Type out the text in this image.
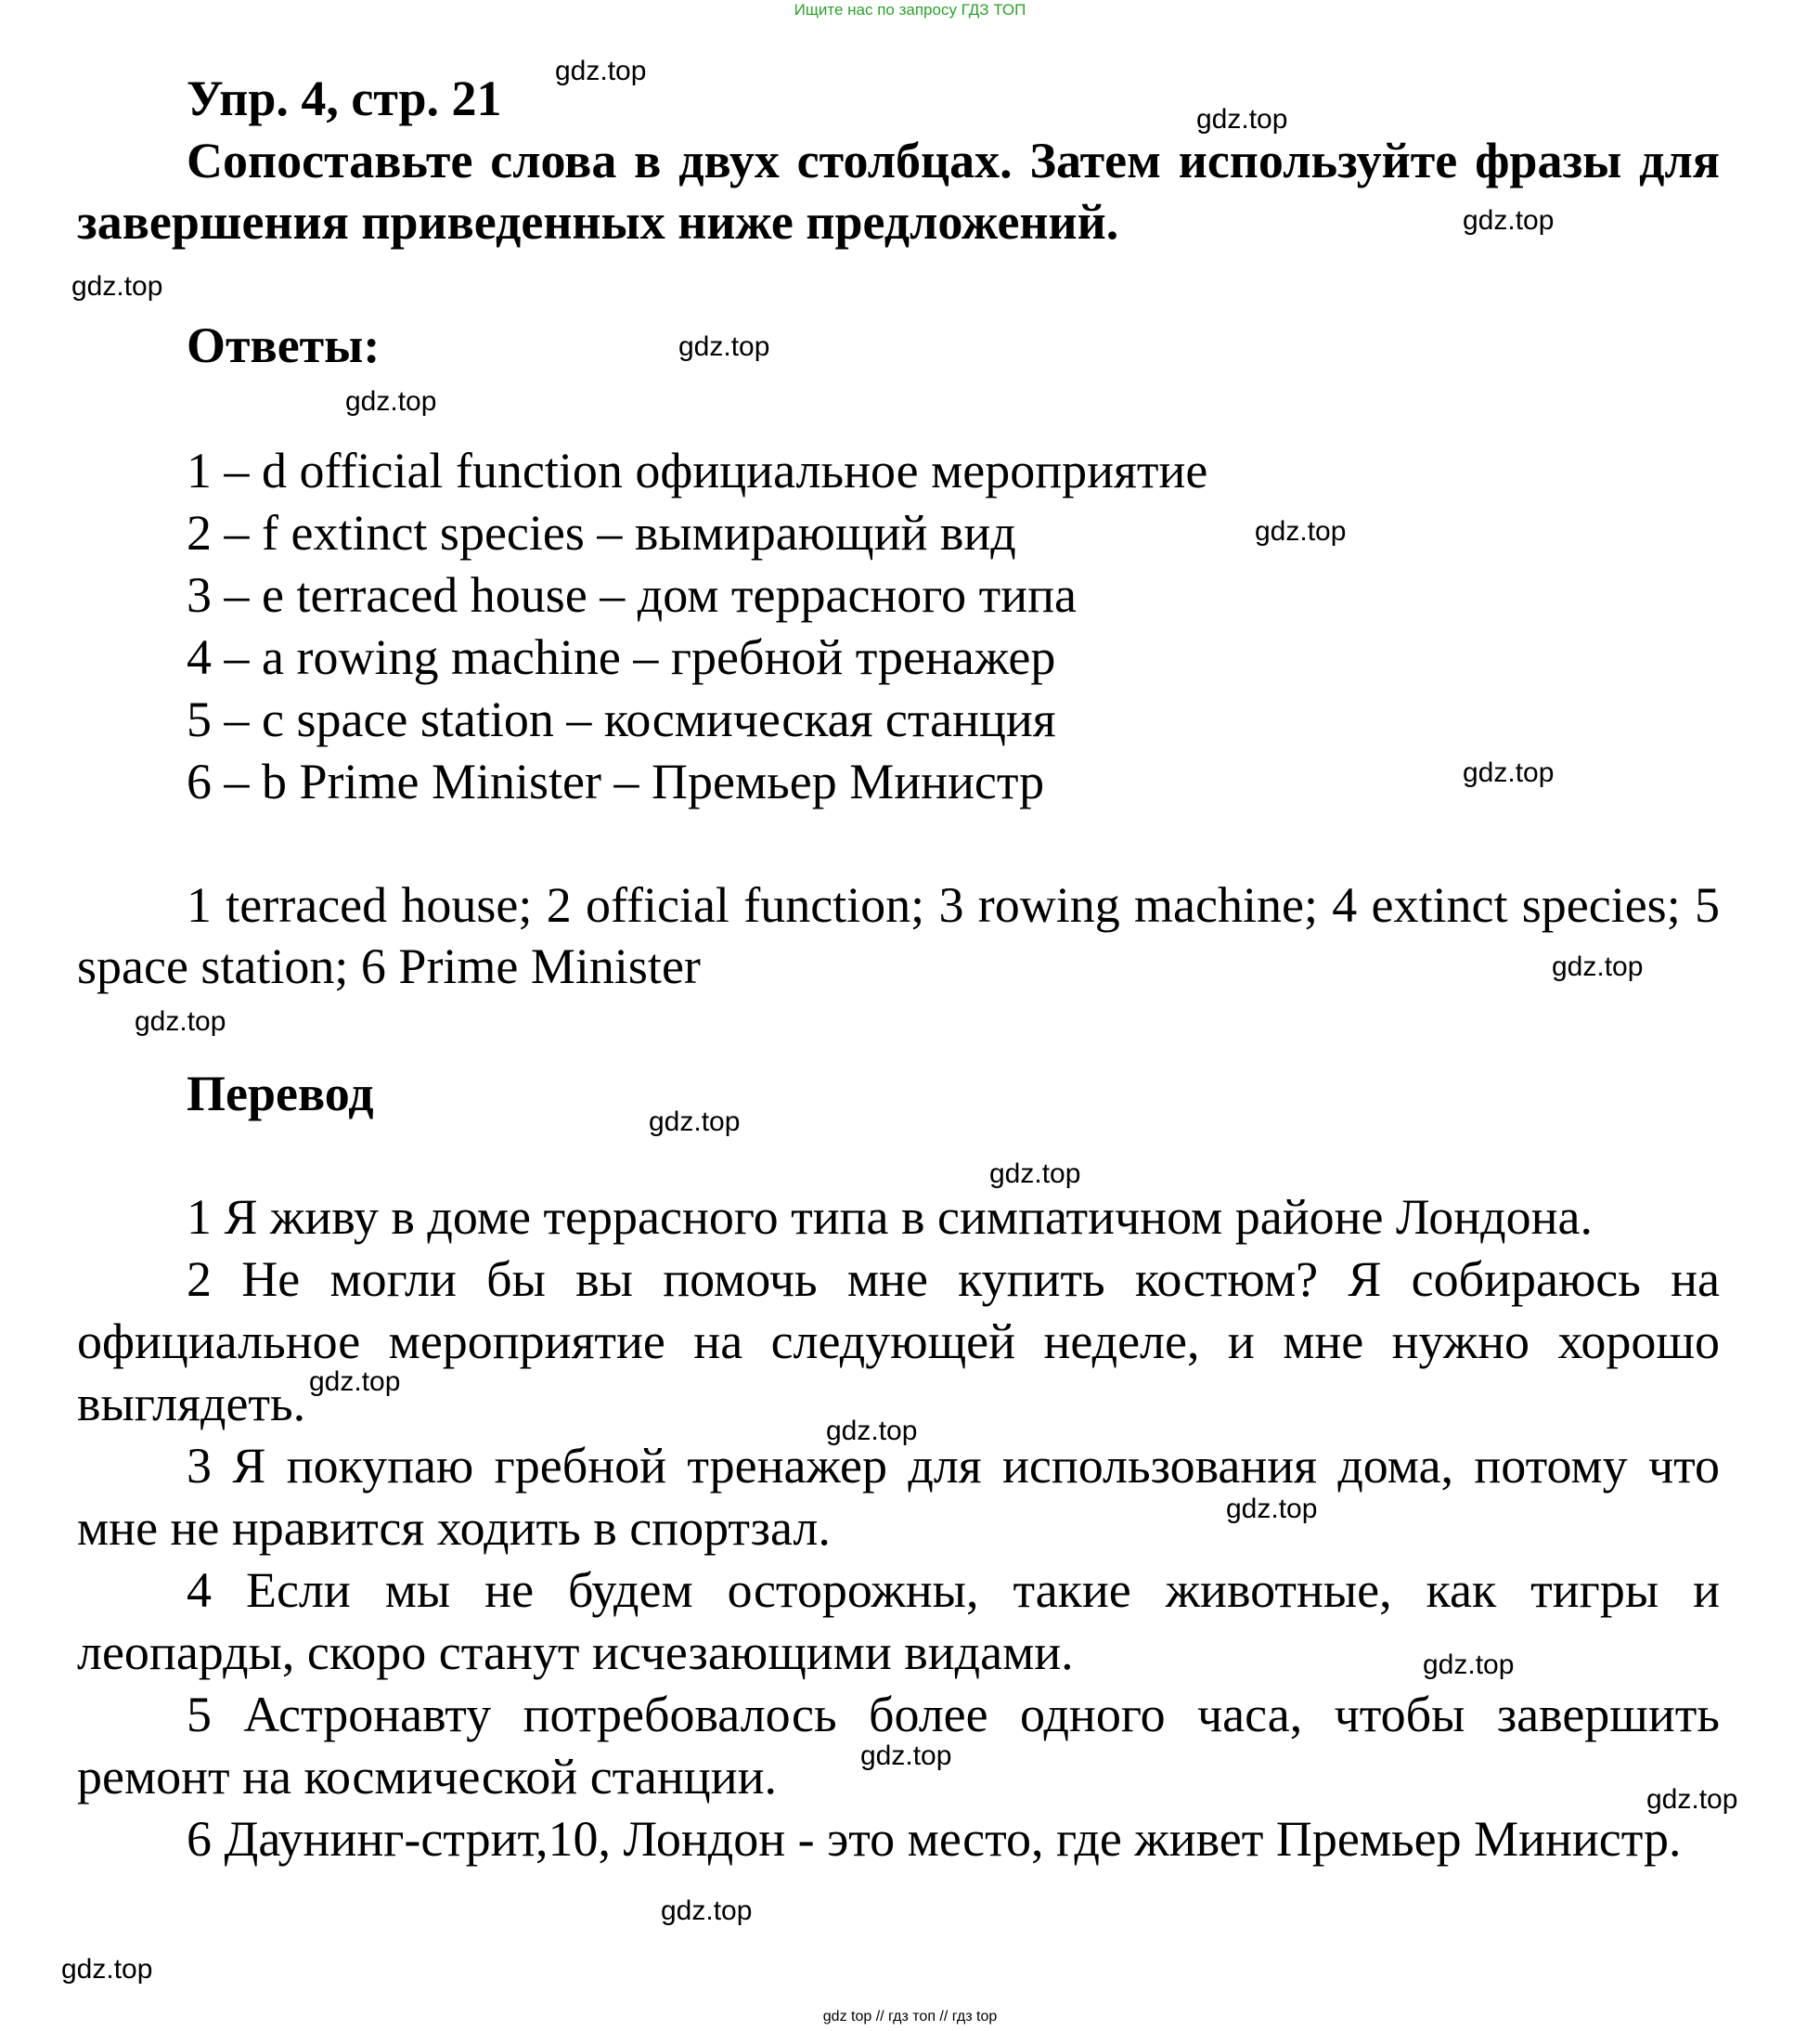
Ищите нас по запросу ГДЗ ТОП
Упр. 4, стр. 21
Сопоставьте слова в двух столбцах. Затем используйте фразы для завершения приведенных ниже предложений.
Ответы:
1 – d official function официальное мероприятие
2 – f extinct species – вымирающий вид
3 – e terraced house – дом террасного типа
4 – a rowing machine – гребной тренажер
5 – c space station – космическая станция
6 – b Prime Minister – Премьер Министр
1 terraced house; 2 official function; 3 rowing machine; 4 extinct species; 5 space station; 6 Prime Minister
Перевод
1 Я живу в доме террасного типа в симпатичном районе Лондона.
2 Не могли бы вы помочь мне купить костюм? Я собираюсь на официальное мероприятие на следующей неделе, и мне нужно хорошо выглядеть.
3 Я покупаю гребной тренажер для использования дома, потому что мне не нравится ходить в спортзал.
4 Если мы не будем осторожны, такие животные, как тигры и леопарды, скоро станут исчезающими видами.
5 Астронавту потребовалось более одного часа, чтобы завершить ремонт на космической станции.
6 Даунинг-стрит,10, Лондон - это место, где живет Премьер Министр.
gdz.top
gdz.top
gdz.top
gdz.top
gdz.top
gdz.top
gdz.top
gdz.top
gdz.top
gdz.top
gdz.top
gdz.top
gdz.top
gdz.top
gdz.top
gdz.top
gdz.top
gdz.top
gdz.top
gdz.top
gdz top // гдз топ // гдз top
